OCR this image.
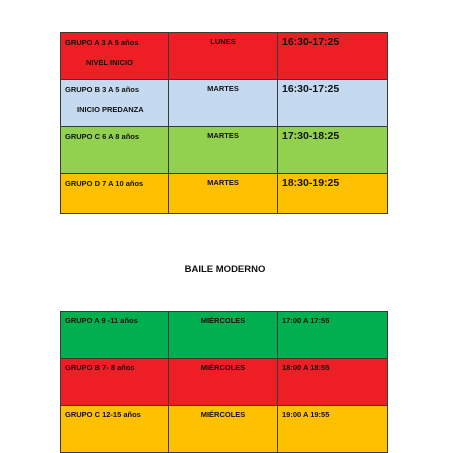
GRUPO A 3 A 5 años
NIVEL INICIO	LUNES	16:30-17:25

GRUPO B 3 A 5 años
INICIO PREDANZA	MARTES	16:30-17:25

GRUPO C 6 A 8 años	MARTES	17:30-18:25

GRUPO D 7 A 10 años	MARTES	18:30-19:25
BAILE MODERNO
GRUPO A 9 -11 años	MIÉRCOLES	17:00 A 17:55
GRUPO B 7- 8 años	MIÉRCOLES	18:00 A 18:55
GRUPO C 12-15 años	MIÉRCOLES	19:00 A 19:55
